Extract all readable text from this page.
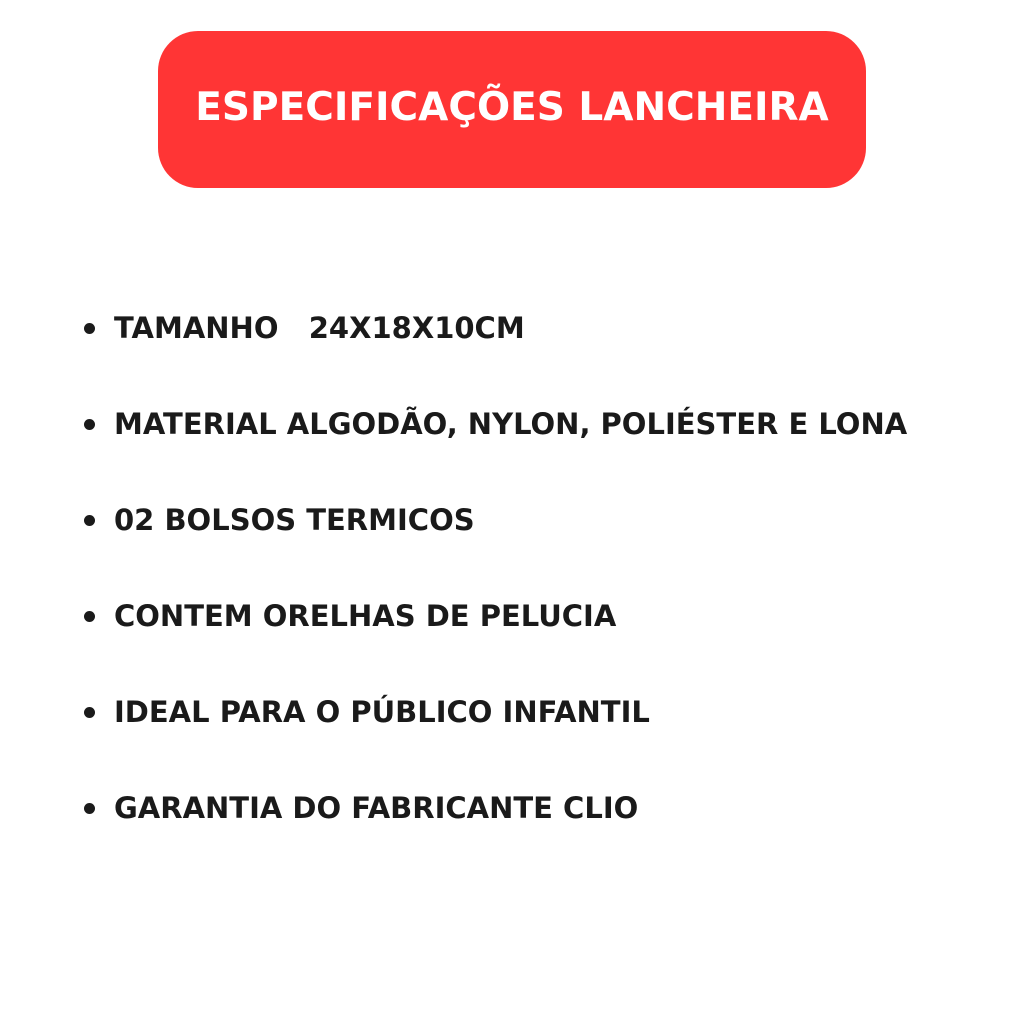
ESPECIFICAÇÕES LANCHEIRA
TAMANHO   24X18X10CM
MATERIAL ALGODÃO, NYLON, POLIÉSTER E LONA
02 BOLSOS TERMICOS
CONTEM ORELHAS DE PELUCIA
IDEAL PARA O PÚBLICO INFANTIL
GARANTIA DO FABRICANTE CLIO
